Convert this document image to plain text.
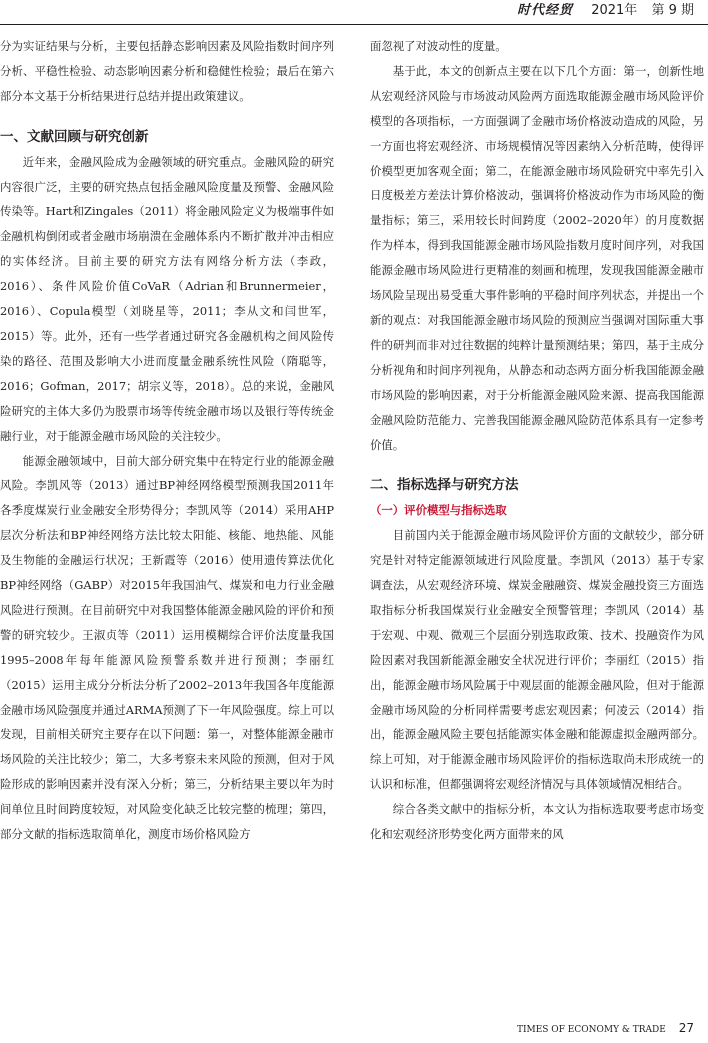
时代经贸 2021年 第 9 期

分为实证结果与分析，主要包括静态影响因素及风险指数时间序列分析、平稳性检验、动态影响因素分析和稳健性检验；最后在第六部分本文基于分析结果进行总结并提出政策建议。

一、文献回顾与研究创新

近年来，金融风险成为金融领域的研究重点。金融风险的研究内容很广泛，主要的研究热点包括金融风险度量及预警、金融风险传染等。Hart和Zingales（2011）将金融风险定义为极端事件如金融机构倒闭或者金融市场崩溃在金融体系内不断扩散并冲击相应的实体经济。目前主要的研究方法有网络分析方法（李政，2016）、条件风险价值CoVaR（Adrian和Brunnermeier，2016）、Copula模型（刘晓星等，2011；李从文和闫世军，2015）等。此外，还有一些学者通过研究各金融机构之间风险传染的路径、范围及影响大小进而度量金融系统性风险（隋聪等，2016；Gofman，2017；胡宗义等，2018）。总的来说，金融风险研究的主体大多仍为股票市场等传统金融市场以及银行等传统金融行业，对于能源金融市场风险的关注较少。

能源金融领域中，目前大部分研究集中在特定行业的能源金融风险。李凯风等（2013）通过BP神经网络模型预测我国2011年各季度煤炭行业金融安全形势得分；李凯风等（2014）采用AHP层次分析法和BP神经网络方法比较太阳能、核能、地热能、风能及生物能的金融运行状况；王新霞等（2016）使用遗传算法优化BP神经网络（GABP）对2015年我国油气、煤炭和电力行业金融风险进行预测。在目前研究中对我国整体能源金融风险的评价和预警的研究较少。王淑贞等（2011）运用模糊综合评价法度量我国1995–2008年每年能源风险预警系数并进行预测；李丽红（2015）运用主成分分析法分析了2002–2013年我国各年度能源金融市场风险强度并通过ARMA预测了下一年风险强度。综上可以发现，目前相关研究主要存在以下问题：第一，对整体能源金融市场风险的关注比较少；第二，大多考察未来风险的预测，但对于风险形成的影响因素并没有深入分析；第三，分析结果主要以年为时间单位且时间跨度较短，对风险变化缺乏比较完整的梳理；第四，部分文献的指标选取简单化，测度市场价格风险方

面忽视了对波动性的度量。

基于此，本文的创新点主要在以下几个方面：第一，创新性地从宏观经济风险与市场波动风险两方面选取能源金融市场风险评价模型的各项指标，一方面强调了金融市场价格波动造成的风险，另一方面也将宏观经济、市场规模情况等因素纳入分析范畴，使得评价模型更加客观全面；第二，在能源金融市场风险研究中率先引入日度极差方差法计算价格波动，强调将价格波动作为市场风险的衡量指标；第三，采用较长时间跨度（2002–2020年）的月度数据作为样本，得到我国能源金融市场风险指数月度时间序列，对我国能源金融市场风险进行更精准的刻画和梳理，发现我国能源金融市场风险呈现出易受重大事件影响的平稳时间序列状态，并提出一个新的观点：对我国能源金融市场风险的预测应当强调对国际重大事件的研判而非对过往数据的纯粹计量预测结果；第四，基于主成分分析视角和时间序列视角，从静态和动态两方面分析我国能源金融市场风险的影响因素，对于分析能源金融风险来源、提高我国能源金融风险防范能力、完善我国能源金融风险防范体系具有一定参考价值。

二、指标选择与研究方法
（一）评价模型与指标选取

目前国内关于能源金融市场风险评价方面的文献较少，部分研究是针对特定能源领域进行风险度量。李凯风（2013）基于专家调查法，从宏观经济环境、煤炭金融融资、煤炭金融投资三方面选取指标分析我国煤炭行业金融安全预警管理；李凯风（2014）基于宏观、中观、微观三个层面分别选取政策、技术、投融资作为风险因素对我国新能源金融安全状况进行评价；李丽红（2015）指出，能源金融市场风险属于中观层面的能源金融风险，但对于能源金融市场风险的分析同样需要考虑宏观因素；何凌云（2014）指出，能源金融风险主要包括能源实体金融和能源虚拟金融两部分。综上可知，对于能源金融市场风险评价的指标选取尚未形成统一的认识和标准，但都强调将宏观经济情况与具体领域情况相结合。

综合各类文献中的指标分析，本文认为指标选取要考虑市场变化和宏观经济形势变化两方面带来的风

TIMES OF ECONOMY & TRADE 27
